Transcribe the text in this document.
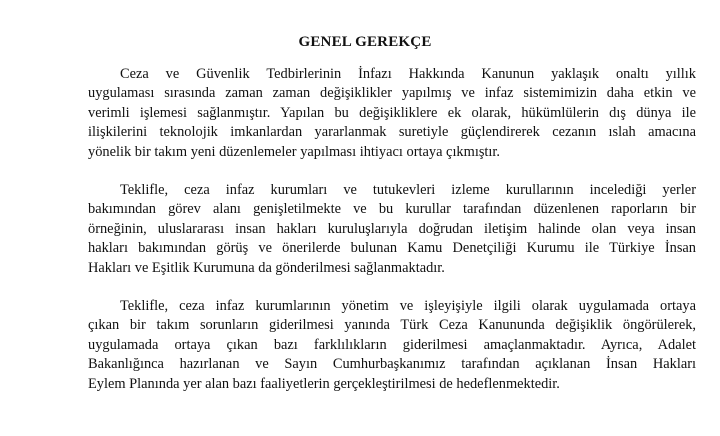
GENEL GEREKÇE
Ceza ve Güvenlik Tedbirlerinin İnfazı Hakkında Kanunun yaklaşık onaltı yıllık
uygulaması sırasında zaman zaman değişiklikler yapılmış ve infaz sistemimizin daha etkin ve
verimli işlemesi sağlanmıştır. Yapılan bu değişikliklere ek olarak, hükümlülerin dış dünya ile
ilişkilerini teknolojik imkanlardan yararlanmak suretiyle güçlendirerek cezanın ıslah amacına
yönelik bir takım yeni düzenlemeler yapılması ihtiyacı ortaya çıkmıştır.
Teklifle, ceza infaz kurumları ve tutukevleri izleme kurullarının incelediği yerler
bakımından görev alanı genişletilmekte ve bu kurullar tarafından düzenlenen raporların bir
örneğinin, uluslararası insan hakları kuruluşlarıyla doğrudan iletişim halinde olan veya insan
hakları bakımından görüş ve önerilerde bulunan Kamu Denetçiliği Kurumu ile Türkiye İnsan
Hakları ve Eşitlik Kurumuna da gönderilmesi sağlanmaktadır.
Teklifle, ceza infaz kurumlarının yönetim ve işleyişiyle ilgili olarak uygulamada ortaya
çıkan bir takım sorunların giderilmesi yanında Türk Ceza Kanununda değişiklik öngörülerek,
uygulamada ortaya çıkan bazı farklılıkların giderilmesi amaçlanmaktadır. Ayrıca, Adalet
Bakanlığınca hazırlanan ve Sayın Cumhurbaşkanımız tarafından açıklanan İnsan Hakları
Eylem Planında yer alan bazı faaliyetlerin gerçekleştirilmesi de hedeflenmektedir.
